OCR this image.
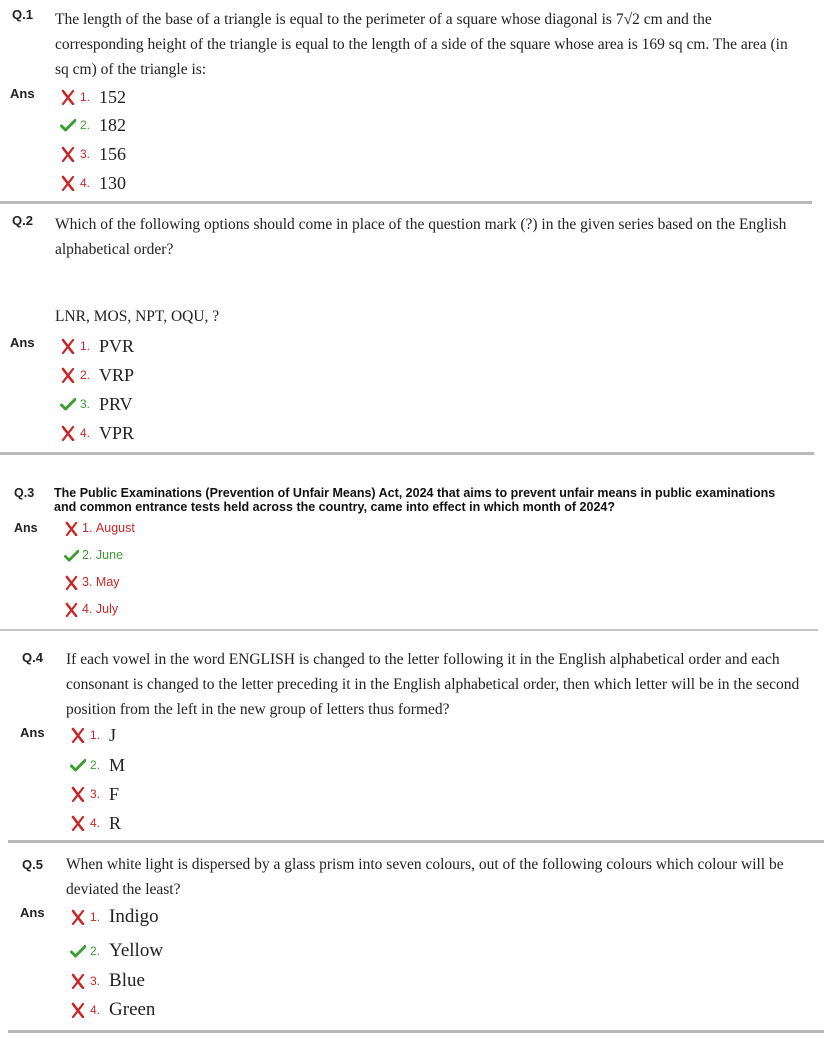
Q.1 The length of the base of a triangle is equal to the perimeter of a square whose diagonal is 7√2 cm and the
corresponding height of the triangle is equal to the length of a side of the square whose area is 169 sq cm. The area (in
sq cm) of the triangle is:
Ans	1. 152
2. 182
3. 156
4. 130
Q.2 Which of the following options should come in place of the question mark (?) in the given series based on the English
alphabetical order?
LNR, MOS, NPT, OQU, ?
Ans	1. PVR
2. VRP
3. PRV
4. VPR
Q.3 The Public Examinations (Prevention of Unfair Means) Act, 2024 that aims to prevent unfair means in public examinations
and common entrance tests held across the country, came into effect in which month of 2024?
Ans	1.
August
2.
June
3.
May
4.
July
Q.4 If each vowel in the word ENGLISH is changed to the letter following it in the English alphabetical order and each
consonant is changed to the letter preceding it in the English alphabetical order, then which letter will be in the second
position from the left in the new group of letters thus formed?
Ans	1. J
2. M
3. F
4. R
Q.5 When white light is dispersed by a glass prism into seven colours, out of the following colours which colour will be
deviated the least?
Ans	1. Indigo
2. Yellow
3. Blue
4. Green
